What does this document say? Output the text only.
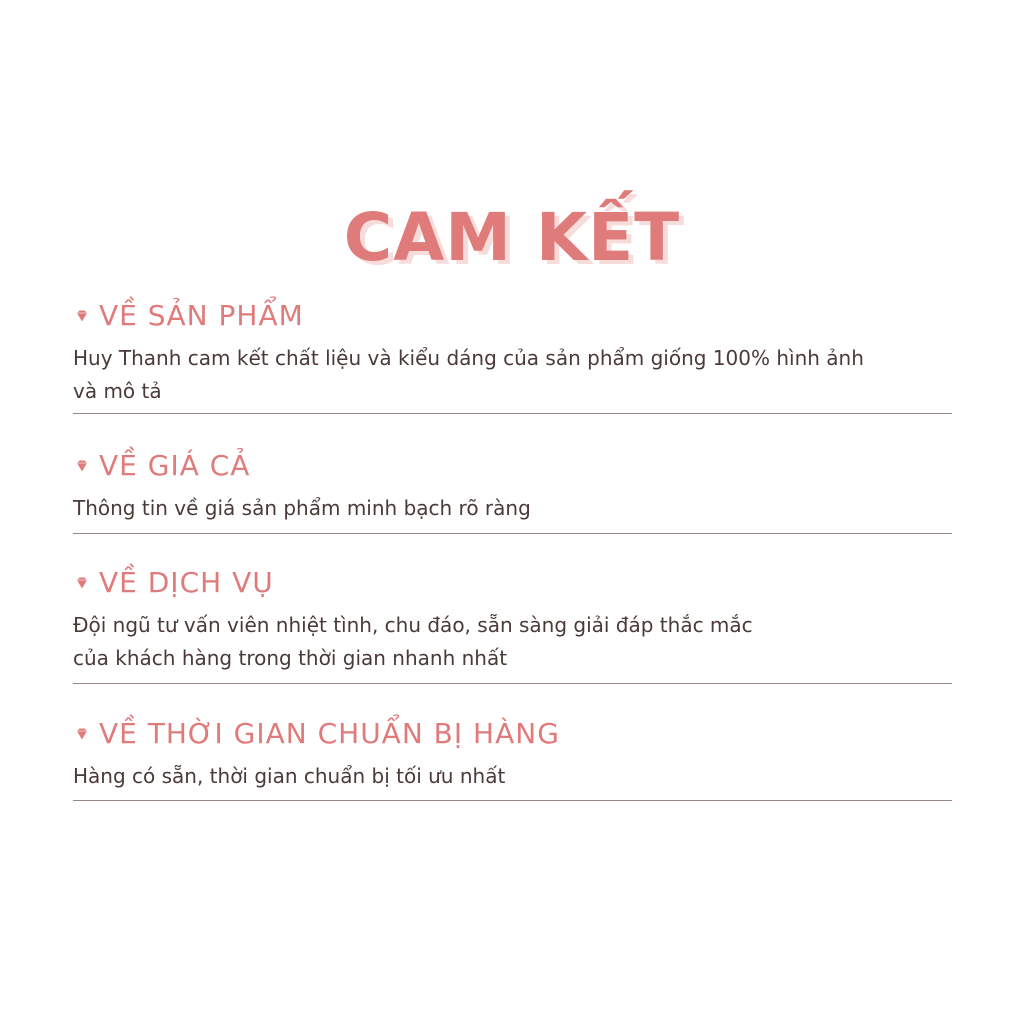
CAM KẾT
VỀ SẢN PHẨM
Huy Thanh cam kết chất liệu và kiểu dáng của sản phẩm giống 100% hình ảnh
và mô tả
VỀ GIÁ CẢ
Thông tin về giá sản phẩm minh bạch rõ ràng
VỀ DỊCH VỤ
Đội ngũ tư vấn viên nhiệt tình, chu đáo, sẵn sàng giải đáp thắc mắc
của khách hàng trong thời gian nhanh nhất
VỀ THỜI GIAN CHUẨN BỊ HÀNG
Hàng có sẵn, thời gian chuẩn bị tối ưu nhất
